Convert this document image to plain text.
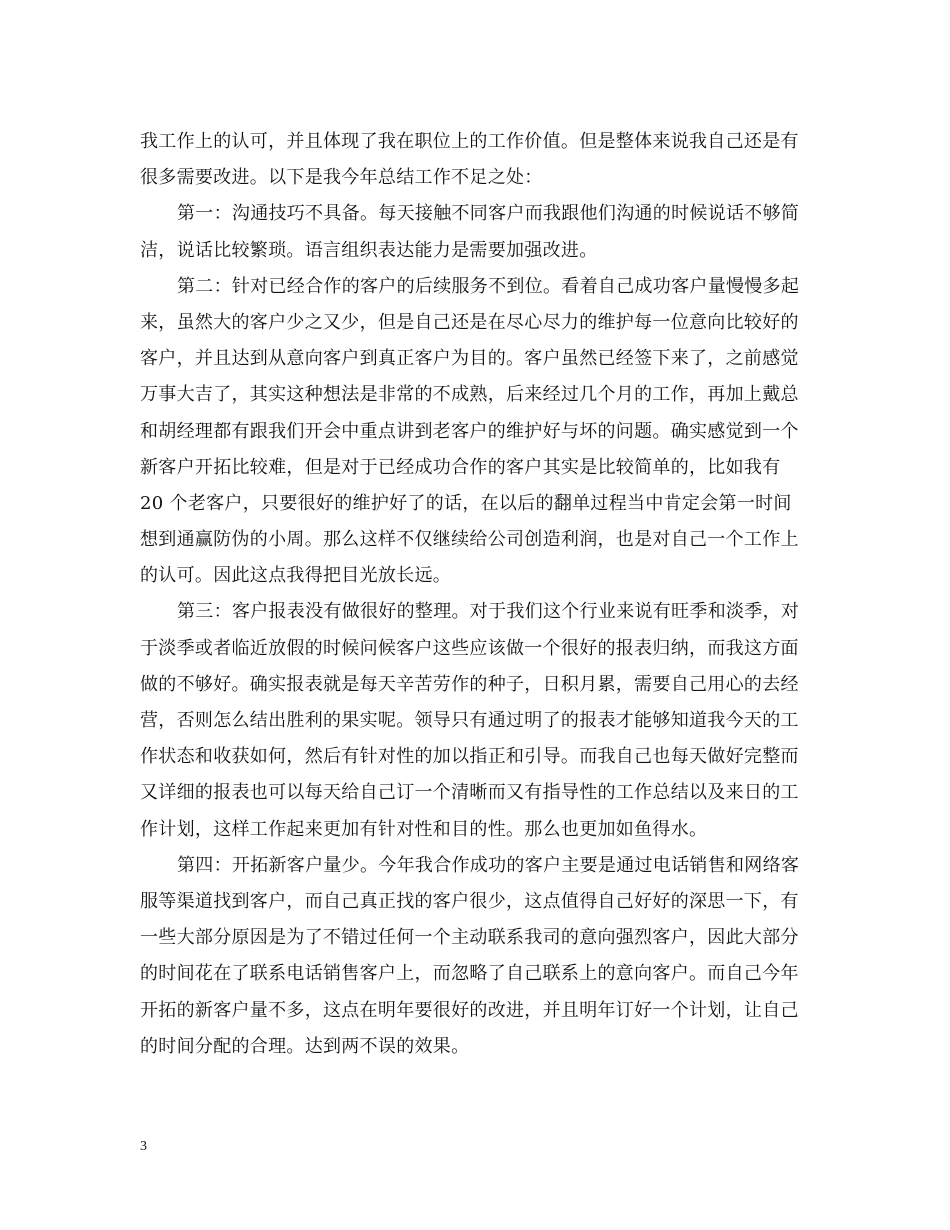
我工作上的认可，并且体现了我在职位上的工作价值。但是整体来说我自己还是有
很多需要改进。以下是我今年总结工作不足之处：
第一：沟通技巧不具备。每天接触不同客户而我跟他们沟通的时候说话不够简
洁，说话比较繁琐。语言组织表达能力是需要加强改进。
第二：针对已经合作的客户的后续服务不到位。看着自己成功客户量慢慢多起
来，虽然大的客户少之又少，但是自己还是在尽心尽力的维护每一位意向比较好的
客户，并且达到从意向客户到真正客户为目的。客户虽然已经签下来了，之前感觉
万事大吉了，其实这种想法是非常的不成熟，后来经过几个月的工作，再加上戴总
和胡经理都有跟我们开会中重点讲到老客户的维护好与坏的问题。确实感觉到一个
新客户开拓比较难，但是对于已经成功合作的客户其实是比较简单的，比如我有
20 个老客户，只要很好的维护好了的话，在以后的翻单过程当中肯定会第一时间
想到通赢防伪的小周。那么这样不仅继续给公司创造利润，也是对自己一个工作上
的认可。因此这点我得把目光放长远。
第三：客户报表没有做很好的整理。对于我们这个行业来说有旺季和淡季，对
于淡季或者临近放假的时候问候客户这些应该做一个很好的报表归纳，而我这方面
做的不够好。确实报表就是每天辛苦劳作的种子，日积月累，需要自己用心的去经
营，否则怎么结出胜利的果实呢。领导只有通过明了的报表才能够知道我今天的工
作状态和收获如何，然后有针对性的加以指正和引导。而我自己也每天做好完整而
又详细的报表也可以每天给自己订一个清晰而又有指导性的工作总结以及来日的工
作计划，这样工作起来更加有针对性和目的性。那么也更加如鱼得水。
第四：开拓新客户量少。今年我合作成功的客户主要是通过电话销售和网络客
服等渠道找到客户，而自己真正找的客户很少，这点值得自己好好的深思一下，有
一些大部分原因是为了不错过任何一个主动联系我司的意向强烈客户，因此大部分
的时间花在了联系电话销售客户上，而忽略了自己联系上的意向客户。而自己今年
开拓的新客户量不多，这点在明年要很好的改进，并且明年订好一个计划，让自己
的时间分配的合理。达到两不误的效果。
3
